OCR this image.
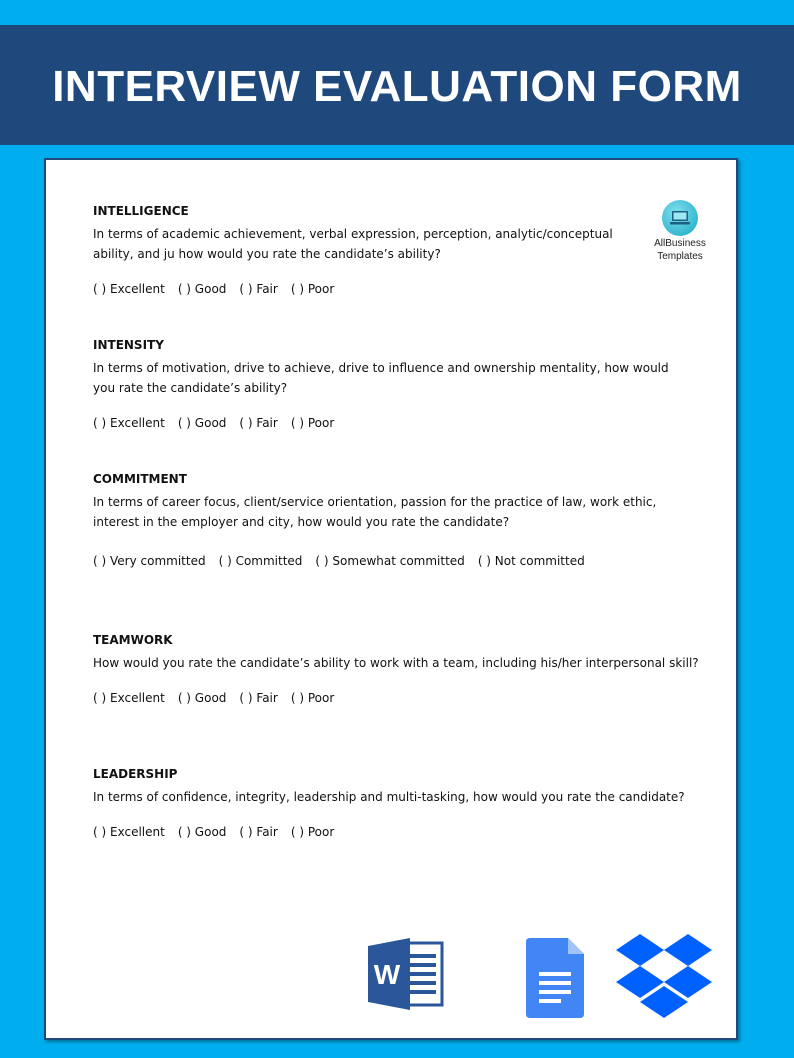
INTERVIEW EVALUATION FORM
AllBusiness
Templates
INTELLIGENCE

In terms of academic achievement, verbal expression, perception, analytic/conceptual ability, and ju how would you rate the candidate’s ability?

( ) Excellent ( ) Good ( ) Fair ( ) Poor
INTENSITY

In terms of motivation, drive to achieve, drive to influence and ownership mentality, how would you rate the candidate’s ability?

( ) Excellent ( ) Good ( ) Fair ( ) Poor
COMMITMENT

In terms of career focus, client/service orientation, passion for the practice of law, work ethic, interest in the employer and city, how would you rate the candidate?

( ) Very committed ( ) Committed ( ) Somewhat committed ( ) Not committed
TEAMWORK

How would you rate the candidate’s ability to work with a team, including his/her interpersonal skill?

( ) Excellent ( ) Good ( ) Fair ( ) Poor
LEADERSHIP

In terms of confidence, integrity, leadership and multi-tasking, how would you rate the candidate?

( ) Excellent ( ) Good ( ) Fair ( ) Poor
W
